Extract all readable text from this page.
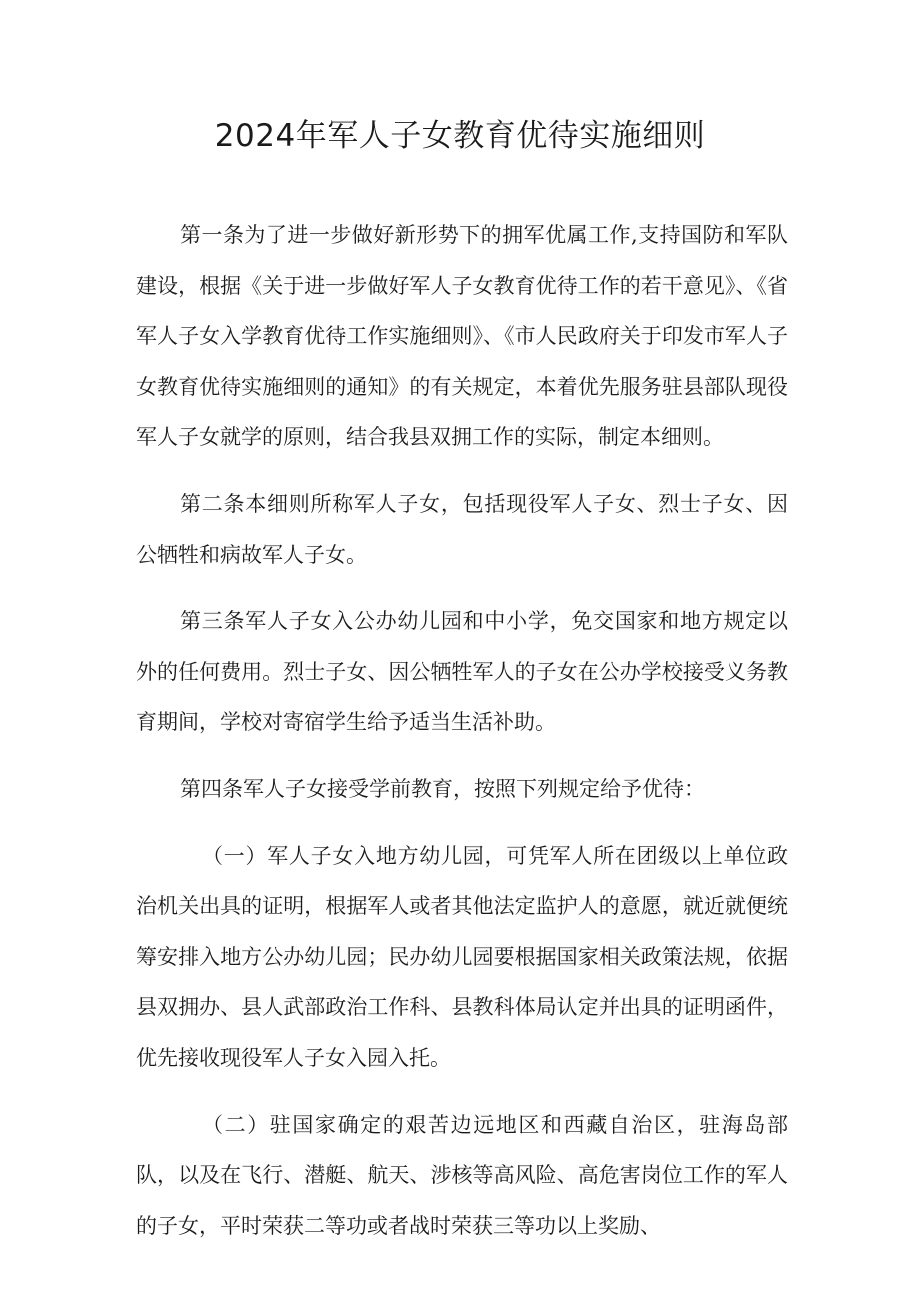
2024年军人子女教育优待实施细则

第一条为了进一步做好新形势下的拥军优属工作,支持国防和军队建设，根据《关于进一步做好军人子女教育优待工作的若干意见》、《省军人子女入学教育优待工作实施细则》、《市人民政府关于印发市军人子女教育优待实施细则的通知》的有关规定，本着优先服务驻县部队现役军人子女就学的原则，结合我县双拥工作的实际，制定本细则。

第二条本细则所称军人子女，包括现役军人子女、烈士子女、因公牺牲和病故军人子女。

第三条军人子女入公办幼儿园和中小学，免交国家和地方规定以外的任何费用。烈士子女、因公牺牲军人的子女在公办学校接受义务教育期间，学校对寄宿学生给予适当生活补助。

第四条军人子女接受学前教育，按照下列规定给予优待：

（一）军人子女入地方幼儿园，可凭军人所在团级以上单位政治机关出具的证明，根据军人或者其他法定监护人的意愿，就近就便统筹安排入地方公办幼儿园；民办幼儿园要根据国家相关政策法规，依据县双拥办、县人武部政治工作科、县教科体局认定并出具的证明函件，优先接收现役军人子女入园入托。

（二）驻国家确定的艰苦边远地区和西藏自治区，驻海岛部队，以及在飞行、潜艇、航天、涉核等高风险、高危害岗位工作的军人的子女，平时荣获二等功或者战时荣获三等功以上奖励、
